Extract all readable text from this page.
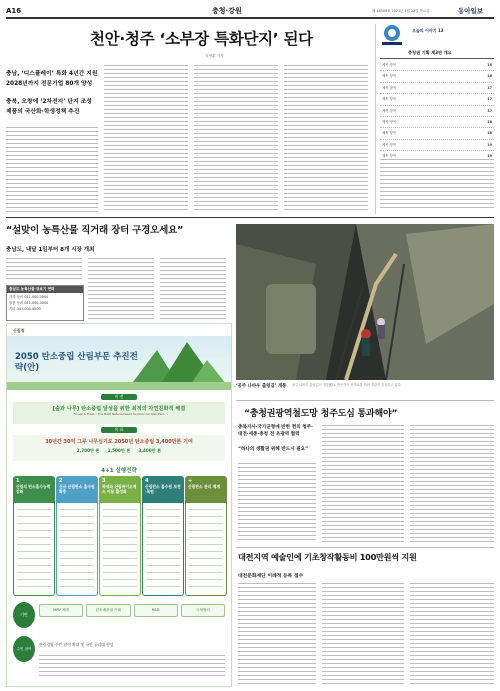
A16	충청·강원	제 16509호 2021년 1월 28일 목요일	동아일보
천안·청주 ‘소부장 특화단지’ 된다
지명훈 기자
충남, ‘디스플레이’ 특화 4년간 지원 2028년까지 전문기업 80개 양성
충북, 오창에 ‘2차전지’ 단지 조성 제품의 국산화·학생정책 추진
오늘의 이야기 13
충청권 기획 제3판 개요
제목 항목	16
제목 항목	16
제목 항목	17
제목 항목	17
제목 항목	17
제목 항목	18
제목 항목	18
제목 항목	19
제목 항목	19
“설맞이 농특산물 직거래 장터 구경오세요”
충남도, 내달 1일부터 8개 시장 개최
충남도 농축산물·장보기 연락
가격 문의 041-000-0000
물품 문의 041-000-0000
기타 041-000-0000
‘공주 나바우 출렁길’ 개통 공주 나바우 출렁길이 개통됐다. 방문객이 산책로를 따라 경관을 감상하고 있다.
산림청
2050 탄소중립 산림부문 추진전략(안)
비 전
[숲과 나무] 탄소중립 달성을 위한 최적의 자연친화적 해결
Forest & Trees : The Best Nature-based Solution for Net-Zero
목 표
30년간 30억 그루 나무심기로 2050년 탄소중립 3,400만톤 기여
2,700만 톤 1,500만 톤 3,400만 톤
4+1 실행전략
1
산림의 탄소흡수능력 강화
2
신규 산림탄소 흡수원 확충
3
목재와 산림바이오매스 이용 활성화
4
산림탄소 흡수원 보전·복원
+
산림탄소 관리 체계
기반
MRV 체계	탄소배출권 거래	R&D	국제협력
주민 참여
산림경영 주민 참여 확대 및 국민 공감대 형성
“충청권광역철도망 청주도심 통과해야”
충북지사·국가균형에 반한 쩐의 청주·대전·세종·충청 전 초광역 협력
“하나의 생활권 위해 반드시 필요”
대전지역 예술인에 기초창작활동비 100만원씩 지원
대전문화재단 이례적 등록 접수
